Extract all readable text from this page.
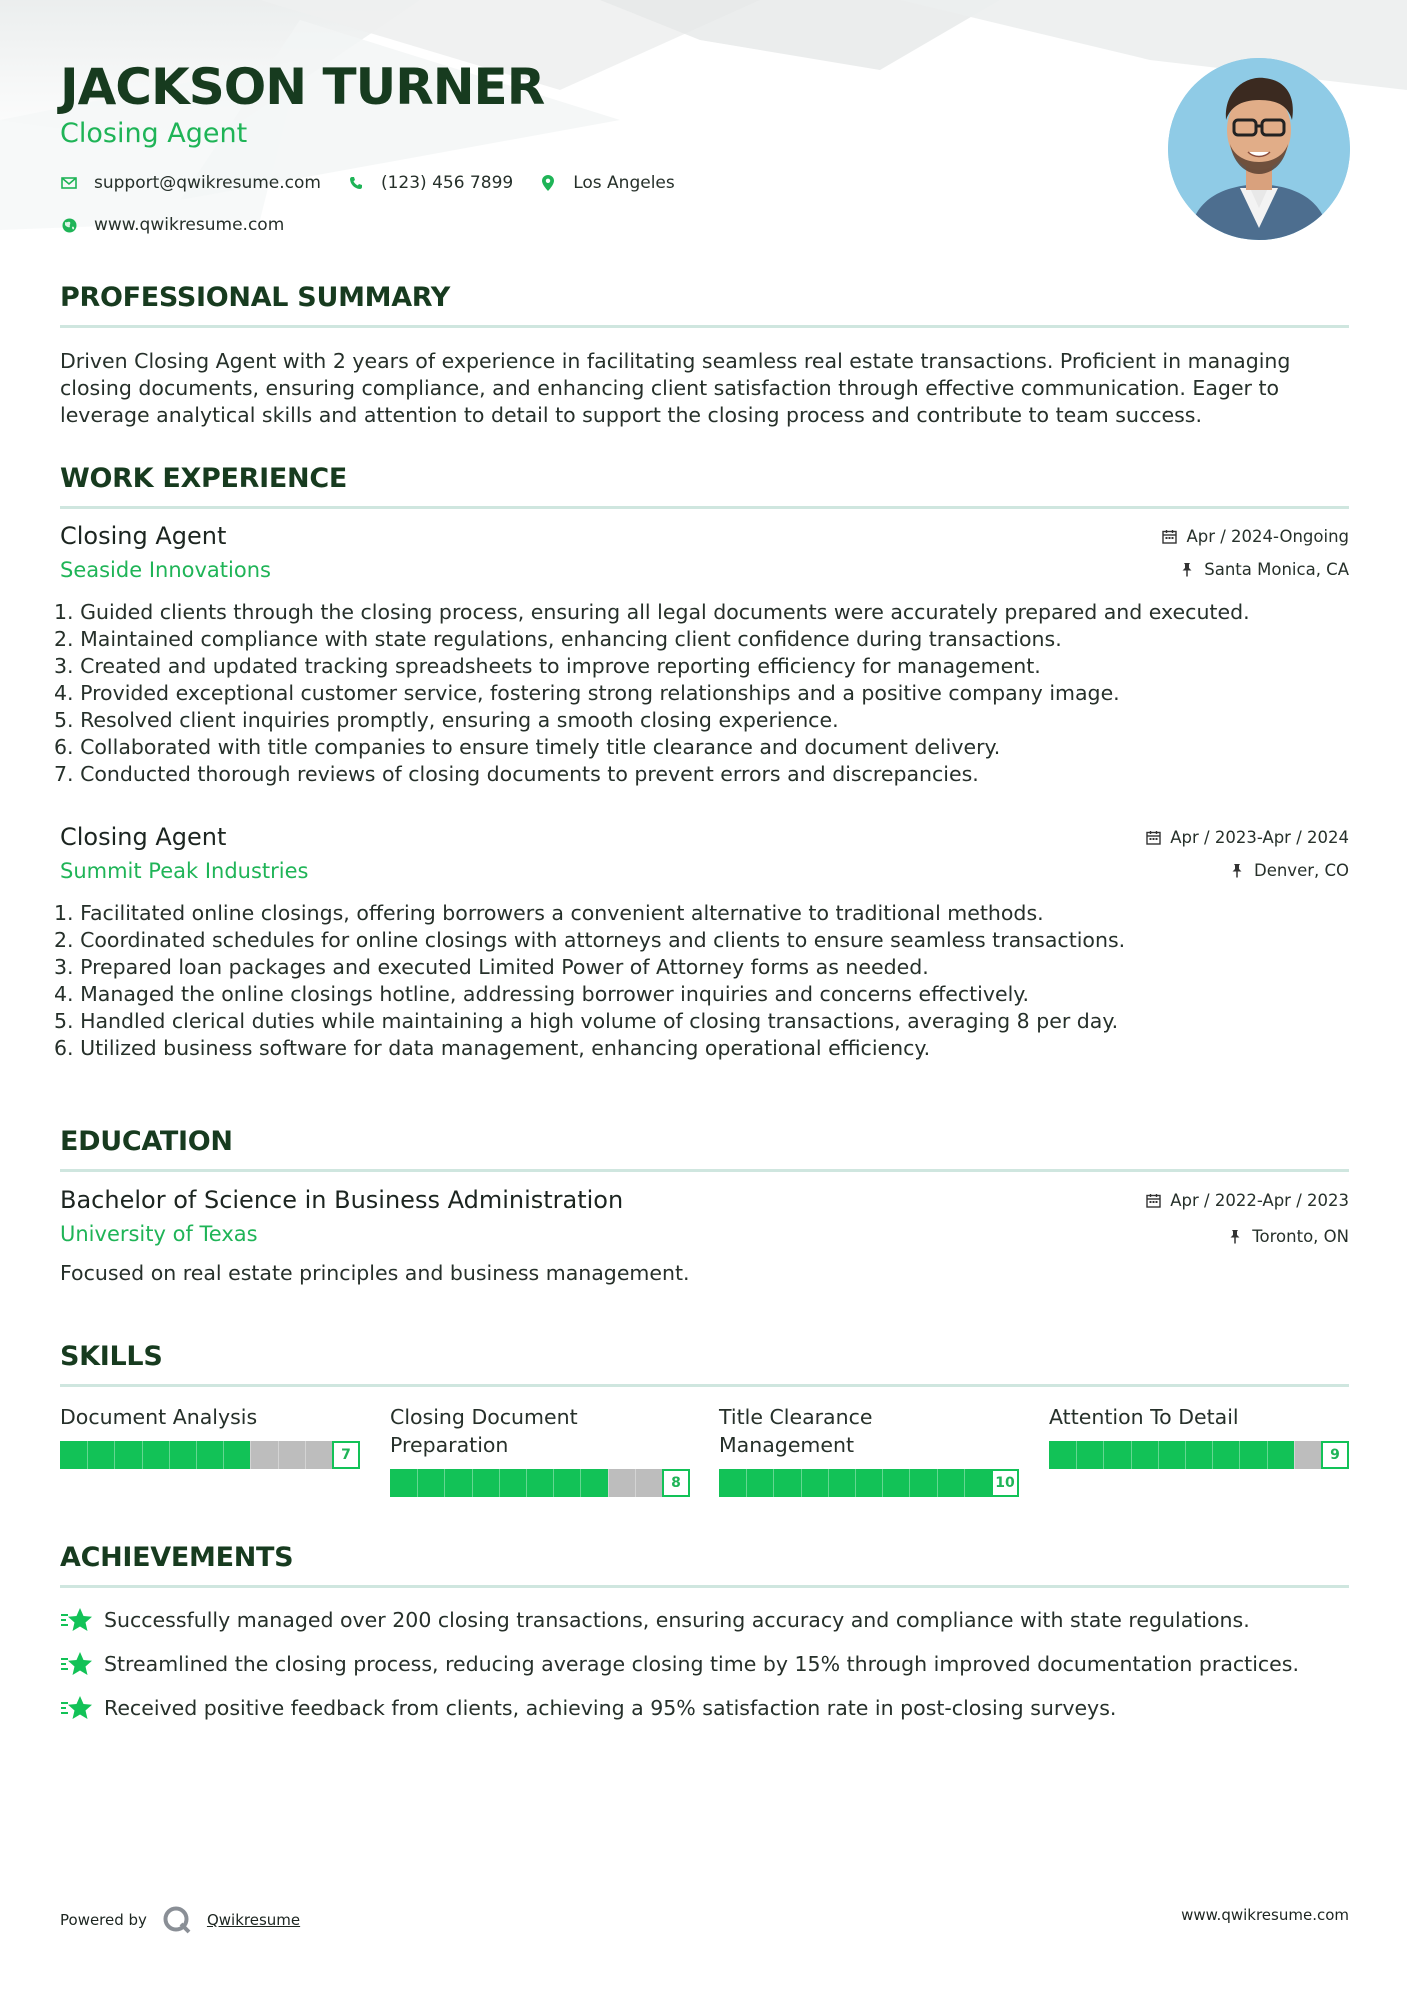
JACKSON TURNER
Closing Agent
support@qwikresume.com	(123) 456 7899	Los Angeles
www.qwikresume.com
PROFESSIONAL SUMMARY
Driven Closing Agent with 2 years of experience in facilitating seamless real estate transactions. Proficient in managing
closing documents, ensuring compliance, and enhancing client satisfaction through effective communication. Eager to
leverage analytical skills and attention to detail to support the closing process and contribute to team success.
WORK EXPERIENCE
Closing Agent
Seaside Innovations
Apr / 2024-Ongoing
Santa Monica, CA
1. Guided clients through the closing process, ensuring all legal documents were accurately prepared and executed.
2. Maintained compliance with state regulations, enhancing client confidence during transactions.
3. Created and updated tracking spreadsheets to improve reporting efficiency for management.
4. Provided exceptional customer service, fostering strong relationships and a positive company image.
5. Resolved client inquiries promptly, ensuring a smooth closing experience.
6. Collaborated with title companies to ensure timely title clearance and document delivery.
7. Conducted thorough reviews of closing documents to prevent errors and discrepancies.
Closing Agent
Summit Peak Industries
Apr / 2023-Apr / 2024
Denver, CO
1. Facilitated online closings, offering borrowers a convenient alternative to traditional methods.
2. Coordinated schedules for online closings with attorneys and clients to ensure seamless transactions.
3. Prepared loan packages and executed Limited Power of Attorney forms as needed.
4. Managed the online closings hotline, addressing borrower inquiries and concerns effectively.
5. Handled clerical duties while maintaining a high volume of closing transactions, averaging 8 per day.
6. Utilized business software for data management, enhancing operational efficiency.
EDUCATION
Bachelor of Science in Business Administration
University of Texas
Apr / 2022-Apr / 2023
Toronto, ON
Focused on real estate principles and business management.
SKILLS
Document Analysis
7
Closing Document
Preparation
8
Title Clearance
Management
10
Attention To Detail
9
ACHIEVEMENTS
Successfully managed over 200 closing transactions, ensuring accuracy and compliance with state regulations.
Streamlined the closing process, reducing average closing time by 15% through improved documentation practices.
Received positive feedback from clients, achieving a 95% satisfaction rate in post-closing surveys.
Powered by	Qwikresume	www.qwikresume.com
